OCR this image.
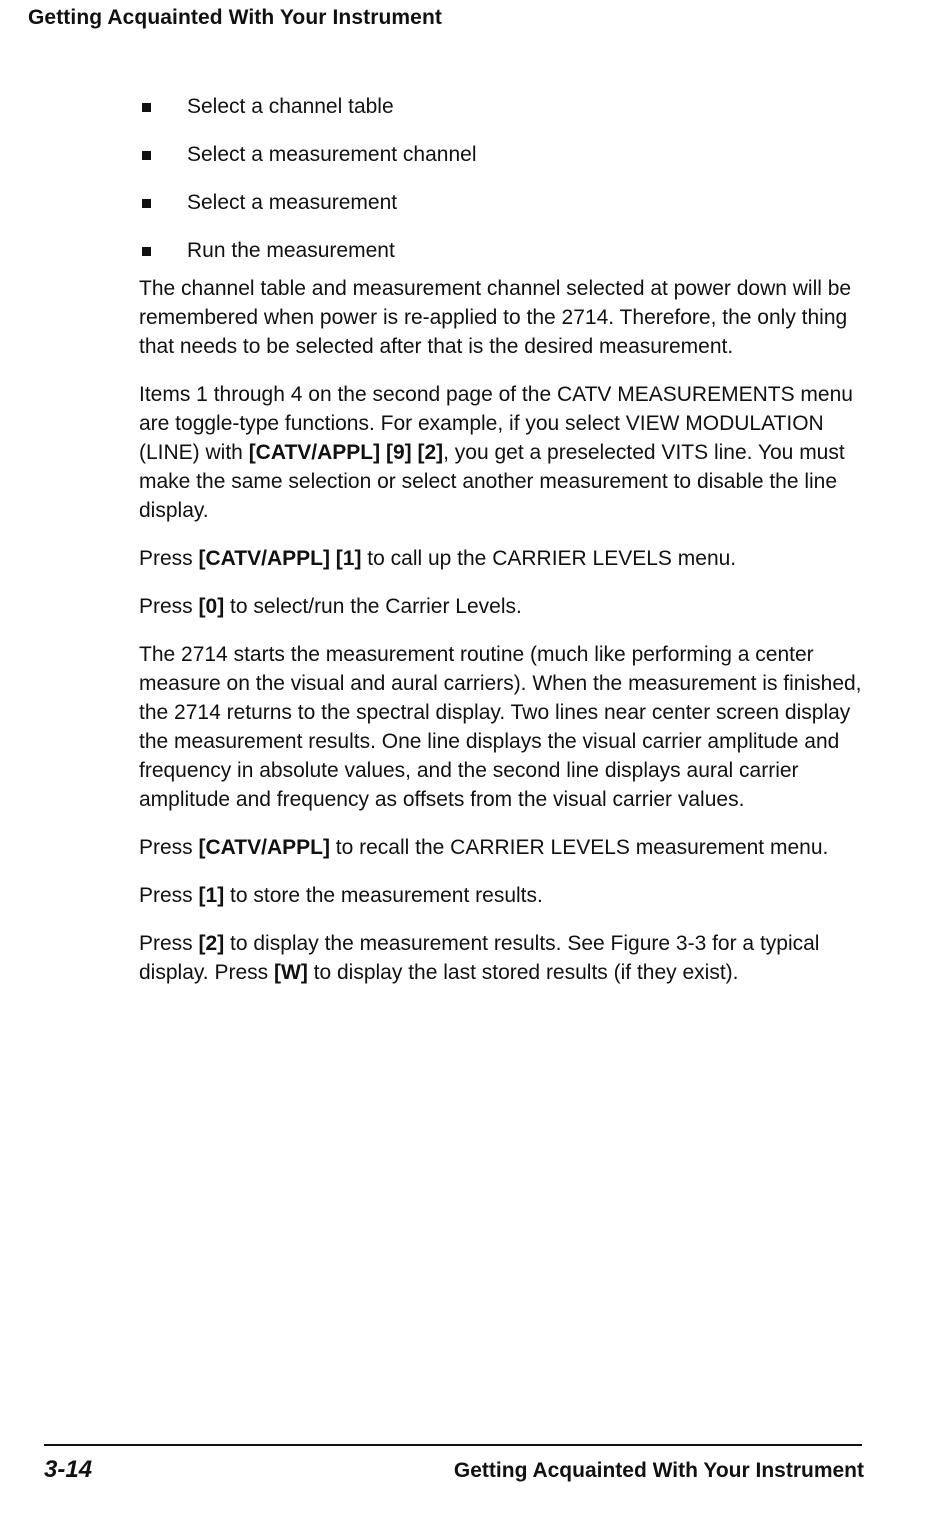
Getting Acquainted With Your Instrument
Select a channel table
Select a measurement channel
Select a measurement
Run the measurement

The channel table and measurement channel selected at power down will be remembered when power is re-applied to the 2714. Therefore, the only thing that needs to be selected after that is the desired measurement.

Items 1 through 4 on the second page of the CATV MEASUREMENTS menu are toggle-type functions. For example, if you select VIEW MODULATION (LINE) with [CATV/APPL] [9] [2], you get a preselected VITS line. You must make the same selection or select another measurement to disable the line display.

Press [CATV/APPL] [1] to call up the CARRIER LEVELS menu.

Press [0] to select/run the Carrier Levels.

The 2714 starts the measurement routine (much like performing a center measure on the visual and aural carriers). When the measurement is finished, the 2714 returns to the spectral display. Two lines near center screen display the measurement results. One line displays the visual carrier amplitude and frequency in absolute values, and the second line displays aural carrier amplitude and frequency as offsets from the visual carrier values.

Press [CATV/APPL] to recall the CARRIER LEVELS measurement menu.

Press [1] to store the measurement results.

Press [2] to display the measurement results. See Figure 3-3 for a typical display. Press [W] to display the last stored results (if they exist).

3-14	Getting Acquainted With Your Instrument
